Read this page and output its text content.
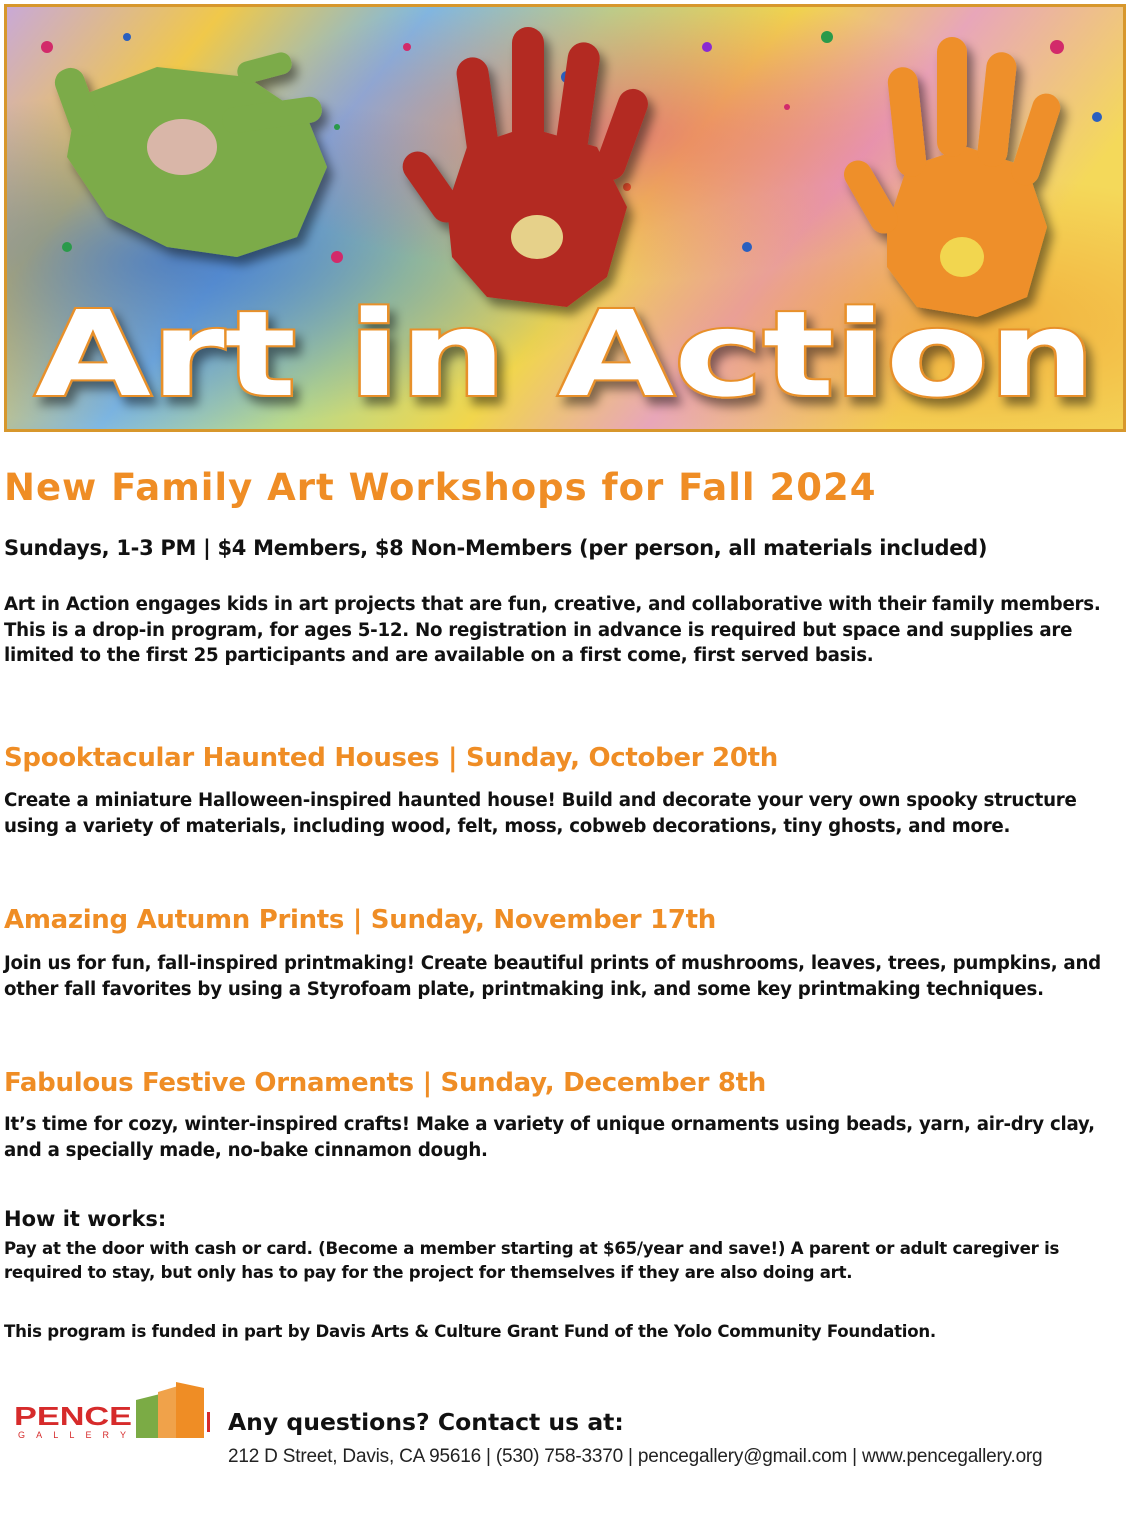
Art in Action
New Family Art Workshops for Fall 2024
Sundays, 1-3 PM | $4 Members, $8 Non-Members (per person, all materials included)
Art in Action engages kids in art projects that are fun, creative, and collaborative with their family members. This is a drop-in program, for ages 5-12. No registration in advance is required but space and supplies are limited to the first 25 participants and are available on a first come, first served basis.
Spooktacular Haunted Houses | Sunday, October 20th
Create a miniature Halloween-inspired haunted house! Build and decorate your very own spooky structure using a variety of materials, including wood, felt, moss, cobweb decorations, tiny ghosts, and more.
Amazing Autumn Prints | Sunday, November 17th
Join us for fun, fall-inspired printmaking! Create beautiful prints of mushrooms, leaves, trees, pumpkins, and other fall favorites by using a Styrofoam plate, printmaking ink, and some key printmaking techniques.
Fabulous Festive Ornaments | Sunday, December 8th
It’s time for cozy, winter-inspired crafts! Make a variety of unique ornaments using beads, yarn, air-dry clay, and a specially made, no-bake cinnamon dough.
How it works:
Pay at the door with cash or card. (Become a member starting at $65/year and save!) A parent or adult caregiver is required to stay, but only has to pay for the project for themselves if they are also doing art.
This program is funded in part by Davis Arts & Culture Grant Fund of the Yolo Community Foundation.
PENCE
GALLERY	Any questions? Contact us at:
212 D Street, Davis, CA 95616 | (530) 758-3370 | pencegallery@gmail.com | www.pencegallery.org
